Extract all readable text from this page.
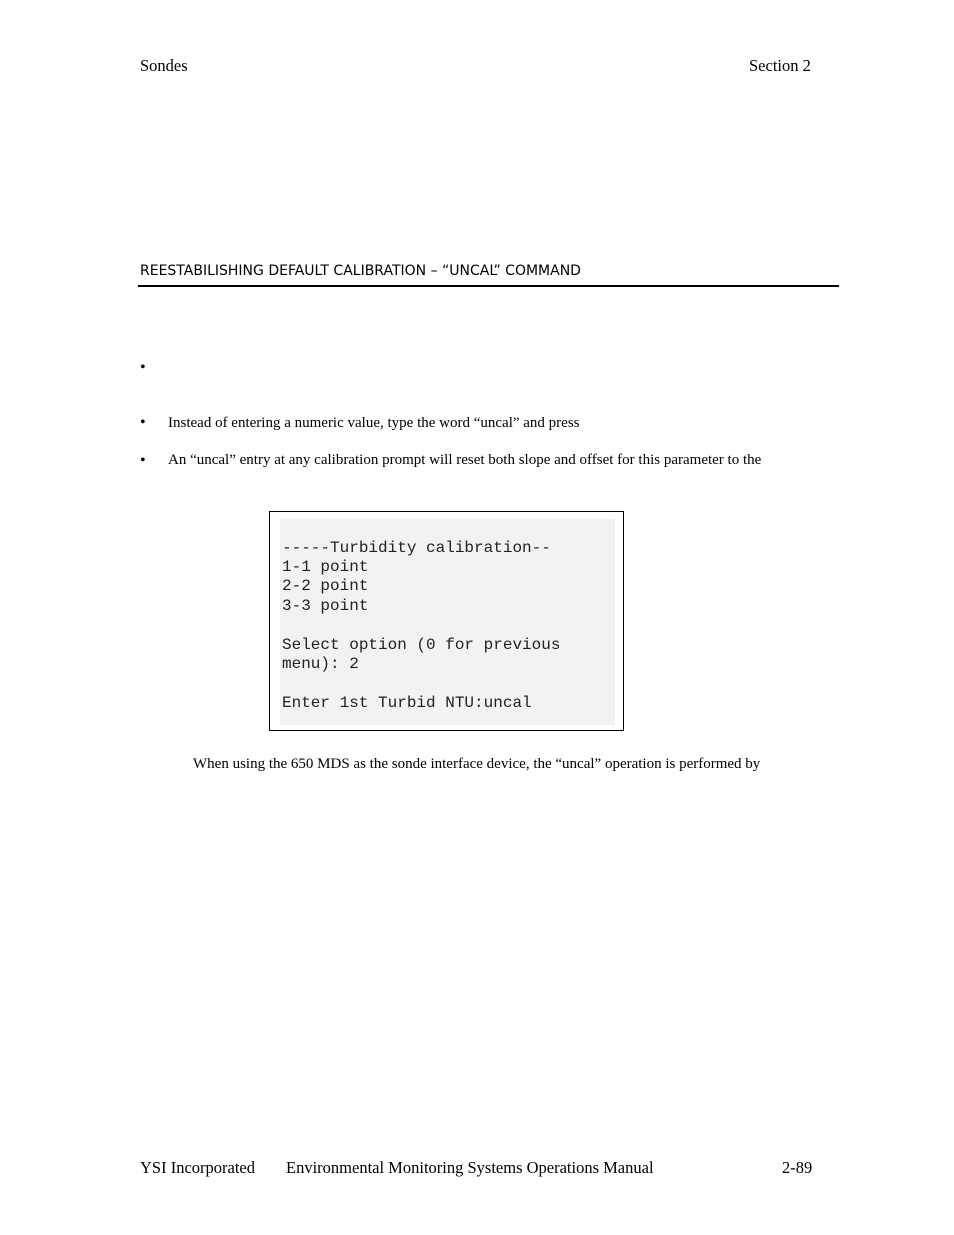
Sondes	Section 2
REESTABILISHING DEFAULT CALIBRATION – “UNCAL” COMMAND
•
• Instead of entering a numeric value, type the word “uncal” and press
• An “uncal” entry at any calibration prompt will reset both slope and offset for this parameter to the
-----Turbidity calibration--
1-1 point
2-2 point
3-3 point
Select option (0 for previous
menu): 2
Enter 1st Turbid NTU:uncal
When using the 650 MDS as the sonde interface device, the “uncal” operation is performed by
YSI Incorporated Environmental Monitoring Systems Operations Manual	2-89
